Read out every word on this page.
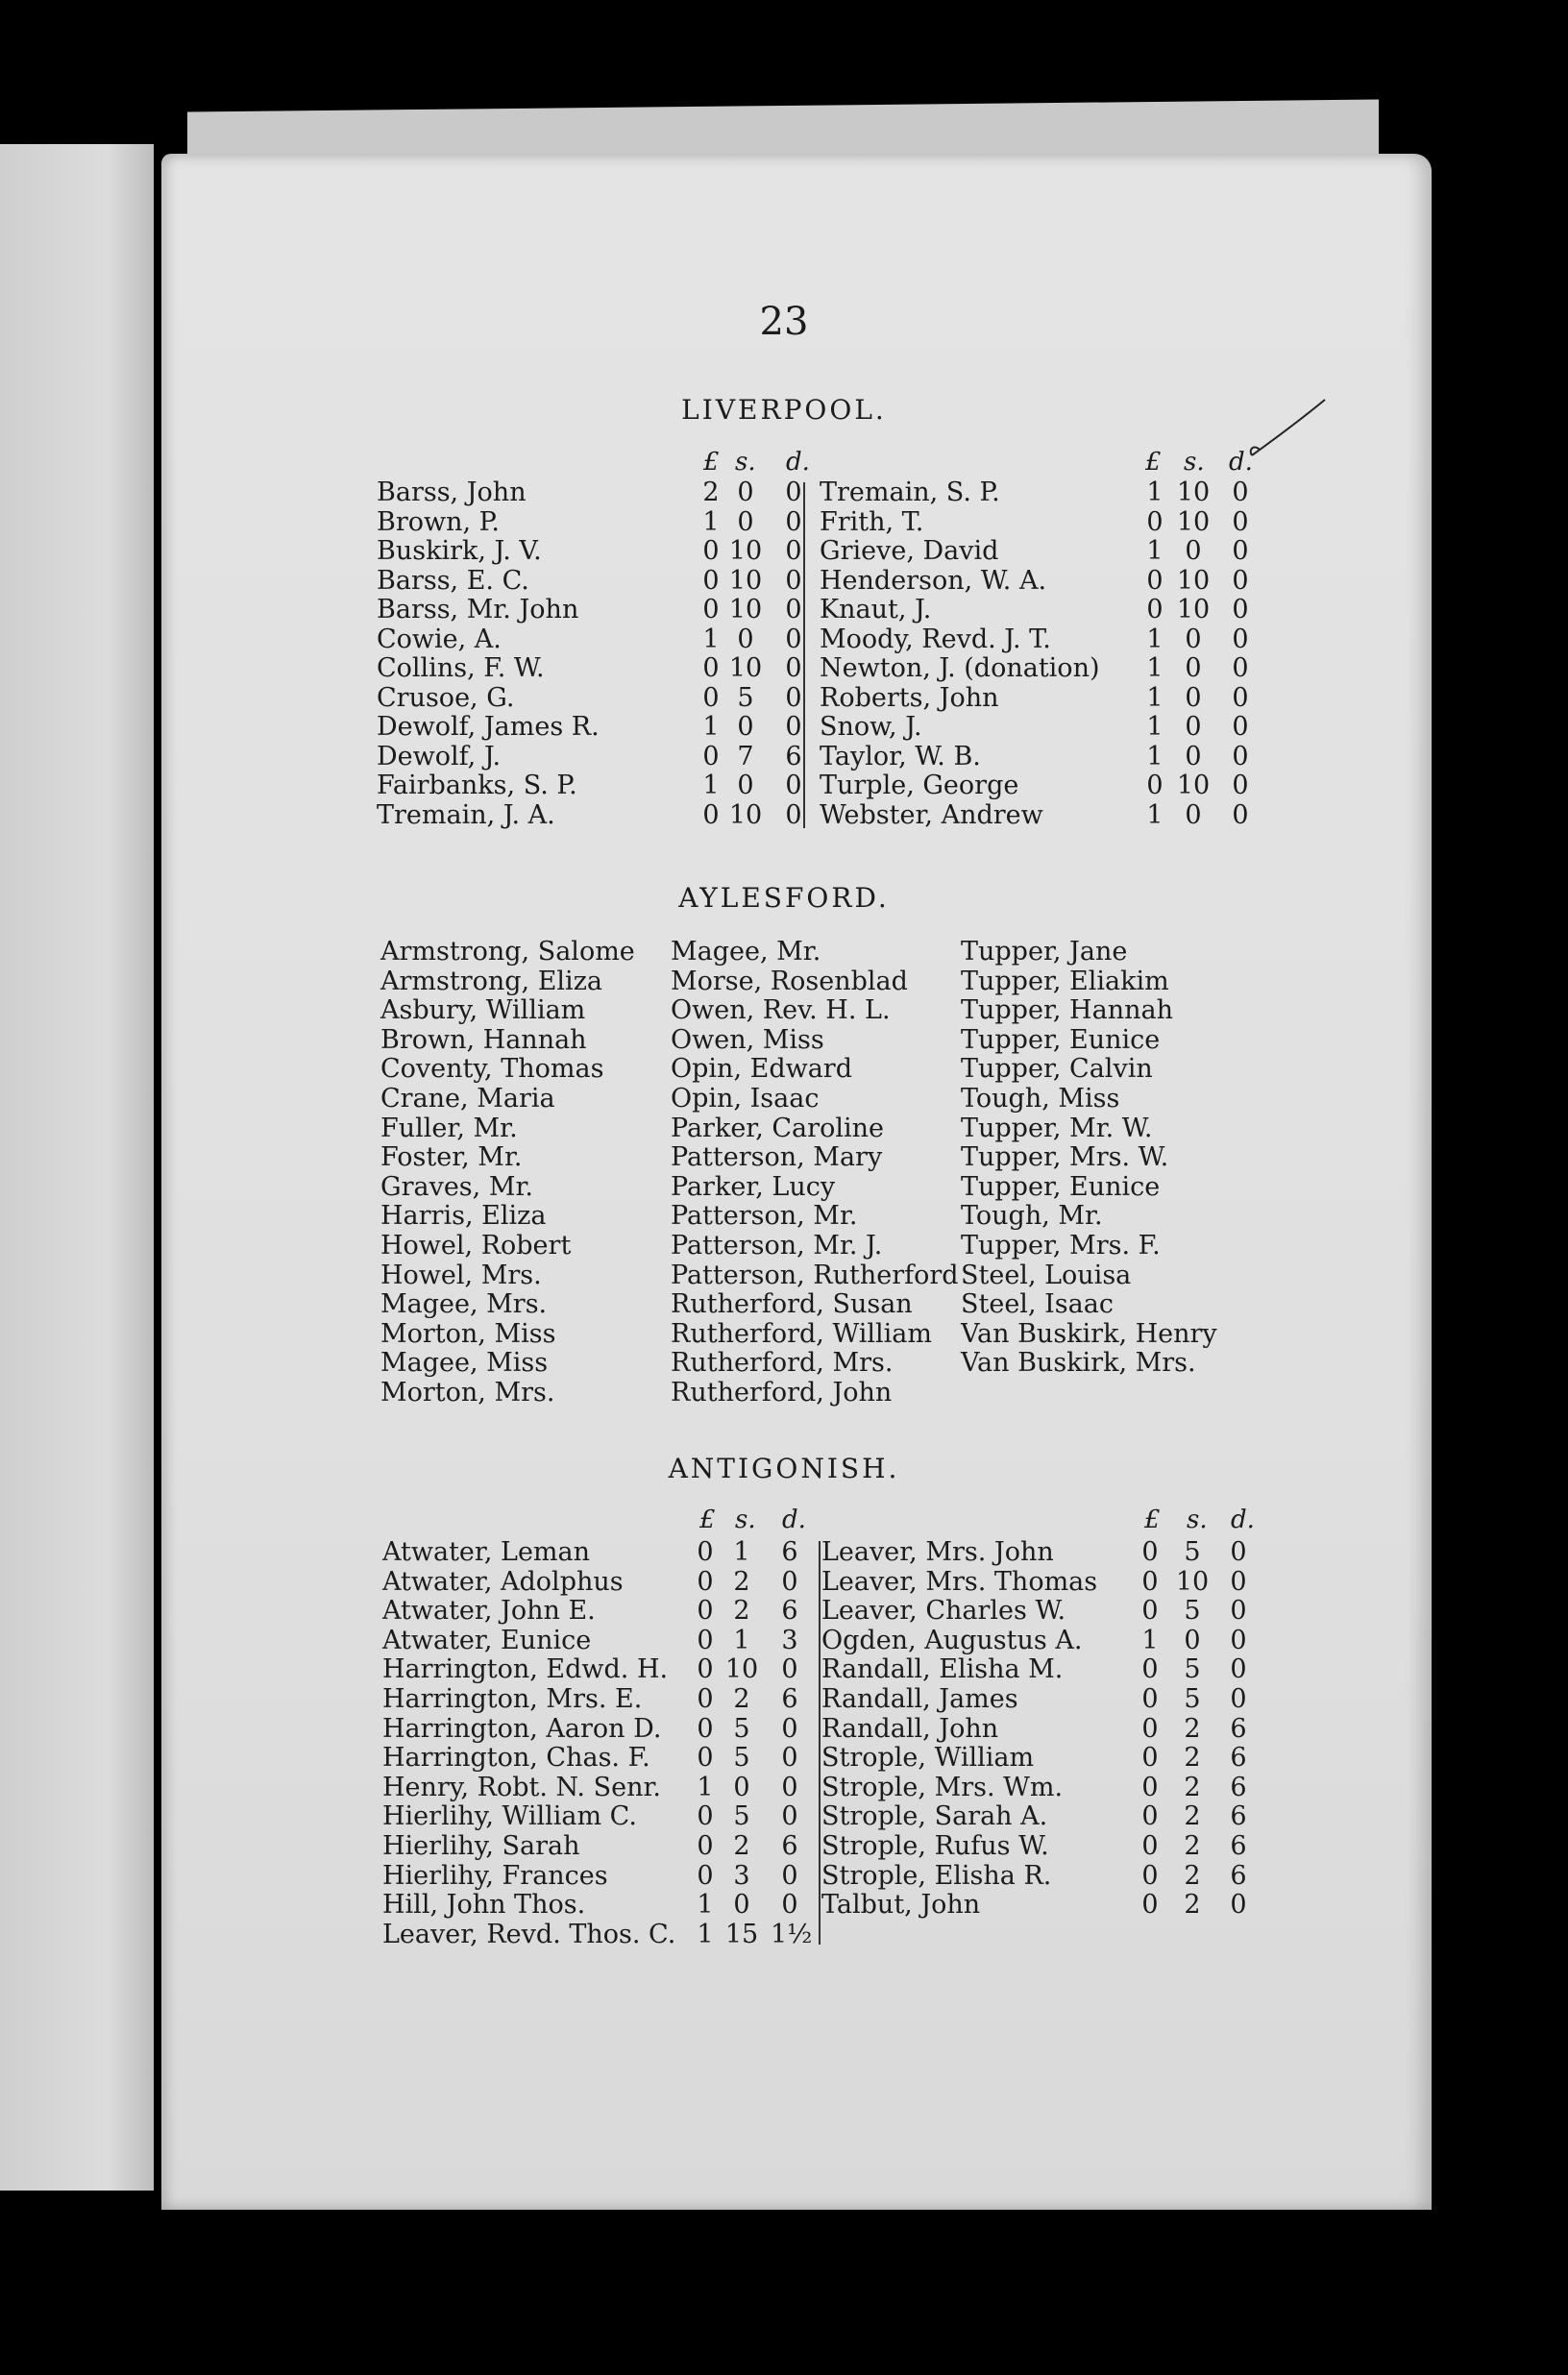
23
LIVERPOOL.
AYLESFORD.
ANTIGONISH.
£ s. d.	£ s. d.
Barss, John	2 0	0
Brown, P.	1 0	0
Buskirk, J. V.	0 10 0
Barss, E. C.	0 10 0
Barss, Mr. John	0 10 0
Cowie, A.	1 0	0
Collins, F. W.	0 10 0
Crusoe, G.	0 5	0
Dewolf, James R.	1 0	0
Dewolf, J.	0 7	6
Fairbanks, S. P.	1 0	0
Tremain, J. A.	0 10 0
Tremain, S. P.	1 10 0
Frith, T.	0 10 0
Grieve, David	1 0	0
Henderson, W. A.	0 10 0
Knaut, J.	0 10 0
Moody, Revd. J. T.	1 0	0
Newton, J. (donation)	1 0	0
Roberts, John	1 0	0
Snow, J.	1 0	0
Taylor, W. B.	1 0	0
Turple, George	0 10 0
Webster, Andrew	1 0	0
Armstrong, Salome
Armstrong, Eliza
Asbury, William
Brown, Hannah
Coventy, Thomas
Crane, Maria
Fuller, Mr.
Foster, Mr.
Graves, Mr.
Harris, Eliza
Howel, Robert
Howel, Mrs.
Magee, Mrs.
Morton, Miss
Magee, Miss
Morton, Mrs.
Magee, Mr.
Morse, Rosenblad
Owen, Rev. H. L.
Owen, Miss
Opin, Edward
Opin, Isaac
Parker, Caroline
Patterson, Mary
Parker, Lucy
Patterson, Mr.
Patterson, Mr. J.
Patterson, Rutherford
Rutherford, Susan
Rutherford, William
Rutherford, Mrs.
Rutherford, John
Tupper, Jane
Tupper, Eliakim
Tupper, Hannah
Tupper, Eunice
Tupper, Calvin
Tough, Miss
Tupper, Mr. W.
Tupper, Mrs. W.
Tupper, Eunice
Tough, Mr.
Tupper, Mrs. F.
Steel, Louisa
Steel, Isaac
Van Buskirk, Henry
Van Buskirk, Mrs.
£ s. d.	£ s. d.
Atwater, Leman	0 1	6
Atwater, Adolphus	0 2	0
Atwater, John E.	0 2	6
Atwater, Eunice	0 1	3
Harrington, Edwd. H.	0 10 0
Harrington, Mrs. E.	0 2	6
Harrington, Aaron D.	0 5	0
Harrington, Chas. F.	0 5	0
Henry, Robt. N. Senr.	1 0	0
Hierlihy, William C.	0 5	0
Hierlihy, Sarah	0 2	6
Hierlihy, Frances	0 3	0
Hill, John Thos.	1 0	0
Leaver, Revd. Thos. C. 1 15 1½
Leaver, Mrs. John	0 5	0
Leaver, Mrs. Thomas	0 10 0
Leaver, Charles W.	0 5	0
Ogden, Augustus A.	1 0	0
Randall, Elisha M.	0 5	0
Randall, James	0 5	0
Randall, John	0 2	6
Strople, William	0 2	6
Strople, Mrs. Wm.	0 2	6
Strople, Sarah A.	0 2	6
Strople, Rufus W.	0 2	6
Strople, Elisha R.	0 2	6
Talbut, John	0 2	0
